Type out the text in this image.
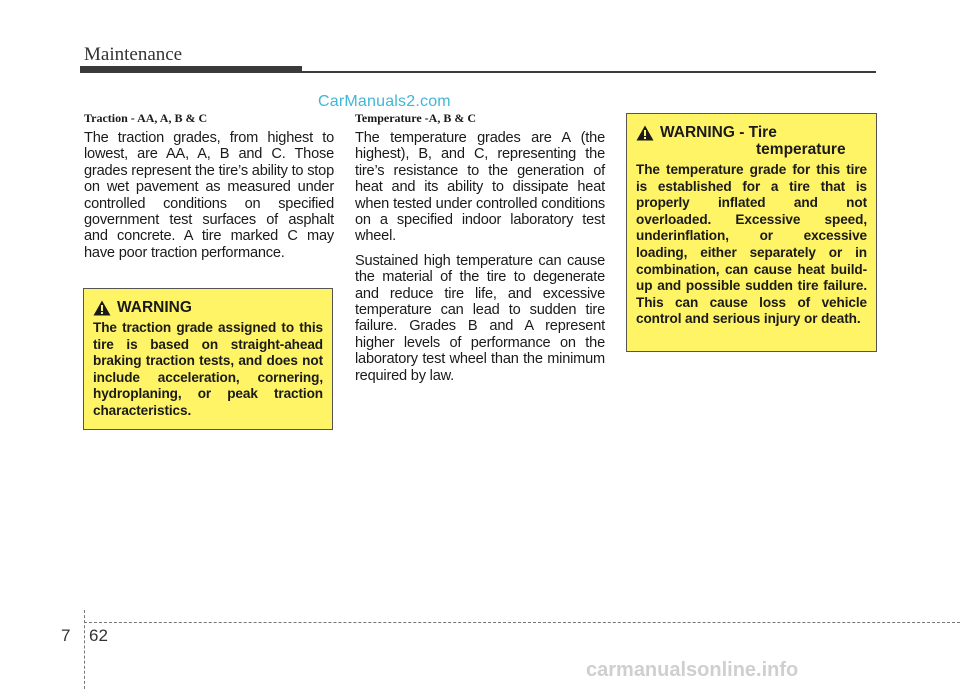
Maintenance
CarManuals2.com

Traction - AA, A, B & C

The traction grades, from highest to lowest, are AA, A, B and C. Those grades represent the tire’s ability to stop on wet pavement as measured under controlled conditions on specified government test surfaces of asphalt and concrete. A tire marked C may have poor traction performance.

WARNING
The traction grade assigned to this tire is based on straight-ahead braking traction tests, and does not include acceleration, cornering, hydroplaning, or peak traction characteristics.

Temperature -A, B & C

The temperature grades are A (the highest), B, and C, representing the tire’s resistance to the generation of heat and its ability to dissipate heat when tested under controlled conditions on a specified indoor laboratory test wheel.

Sustained high temperature can cause the material of the tire to degenerate and reduce tire life, and excessive temperature can lead to sudden tire failure. Grades B and A represent higher levels of performance on the laboratory test wheel than the minimum required by law.

WARNING - Tire
temperature
The temperature grade for this tire is established for a tire that is properly inflated and not overloaded. Excessive speed, underinflation, or excessive loading, either separately or in combination, can cause heat build-up and possible sudden tire failure. This can cause loss of vehicle control and serious injury or death.
7 62
carmanualsonline.info
